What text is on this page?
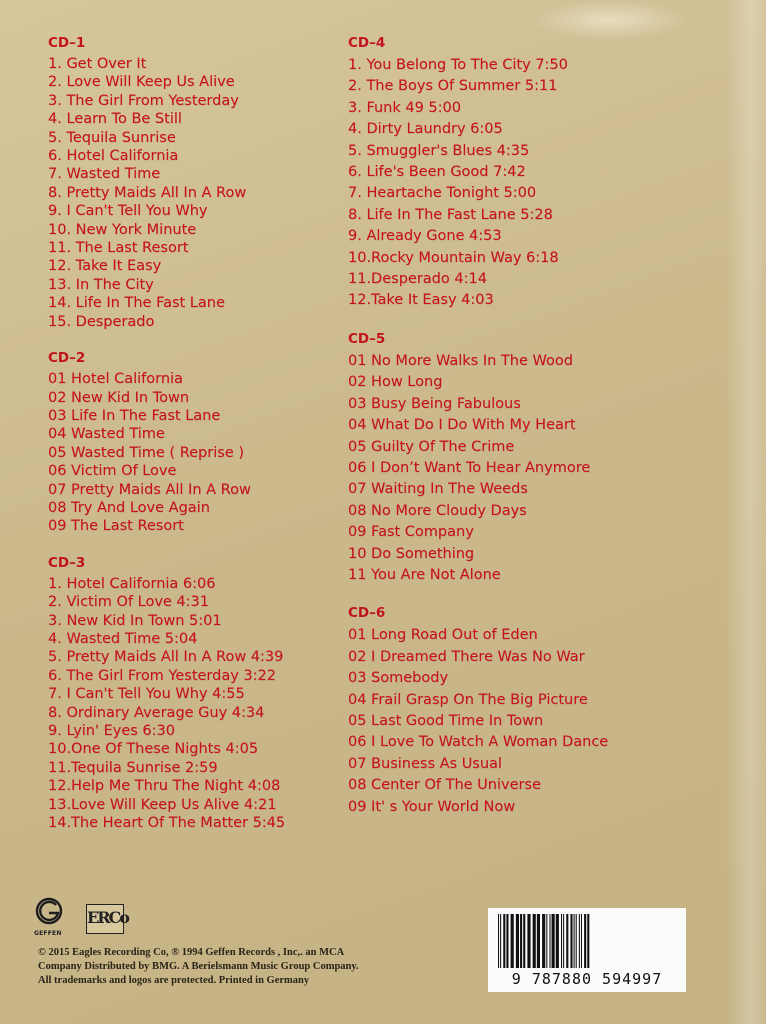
CD–1
1. Get Over It
2. Love Will Keep Us Alive
3. The Girl From Yesterday
4. Learn To Be Still
5. Tequila Sunrise
6. Hotel California
7. Wasted Time
8. Pretty Maids All In A Row
9. I Can't Tell You Why
10. New York Minute
11. The Last Resort
12. Take It Easy
13. In The City
14. Life In The Fast Lane
15. Desperado
CD–2
01 Hotel California
02 New Kid In Town
03 Life In The Fast Lane
04 Wasted Time
05 Wasted Time ( Reprise )
06 Victim Of Love
07 Pretty Maids All In A Row
08 Try And Love Again
09 The Last Resort
CD–3
1. Hotel California 6:06
2. Victim Of Love 4:31
3. New Kid In Town 5:01
4. Wasted Time 5:04
5. Pretty Maids All In A Row 4:39
6. The Girl From Yesterday 3:22
7. I Can't Tell You Why 4:55
8. Ordinary Average Guy 4:34
9. Lyin' Eyes 6:30
10.One Of These Nights 4:05
11.Tequila Sunrise 2:59
12.Help Me Thru The Night 4:08
13.Love Will Keep Us Alive 4:21
14.The Heart Of The Matter 5:45
CD–4
1. You Belong To The City 7:50
2. The Boys Of Summer 5:11
3. Funk 49 5:00
4. Dirty Laundry 6:05
5. Smuggler's Blues 4:35
6. Life's Been Good 7:42
7. Heartache Tonight 5:00
8. Life In The Fast Lane 5:28
9. Already Gone 4:53
10.Rocky Mountain Way 6:18
11.Desperado 4:14
12.Take It Easy 4:03
CD–5
01 No More Walks In The Wood
02 How Long
03 Busy Being Fabulous
04 What Do I Do With My Heart
05 Guilty Of The Crime
06 I Don’t Want To Hear Anymore
07 Waiting In The Weeds
08 No More Cloudy Days
09 Fast Company
10 Do Something
11 You Are Not Alone
CD–6
01 Long Road Out of Eden
02 I Dreamed There Was No War
03 Somebody
04 Frail Grasp On The Big Picture
05 Last Good Time In Town
06 I Love To Watch A Woman Dance
07 Business As Usual
08 Center Of The Universe
09 It' s Your World Now
GEFFEN
ERCo
© 2015 Eagles Recording Co, ® 1994 Geffen Records , Inc,. an MCA
Company Distributed by BMG. A Berielsmann Music Group Company.
All trademarks and logos are protected. Printed in Germany	9 787880 594997
